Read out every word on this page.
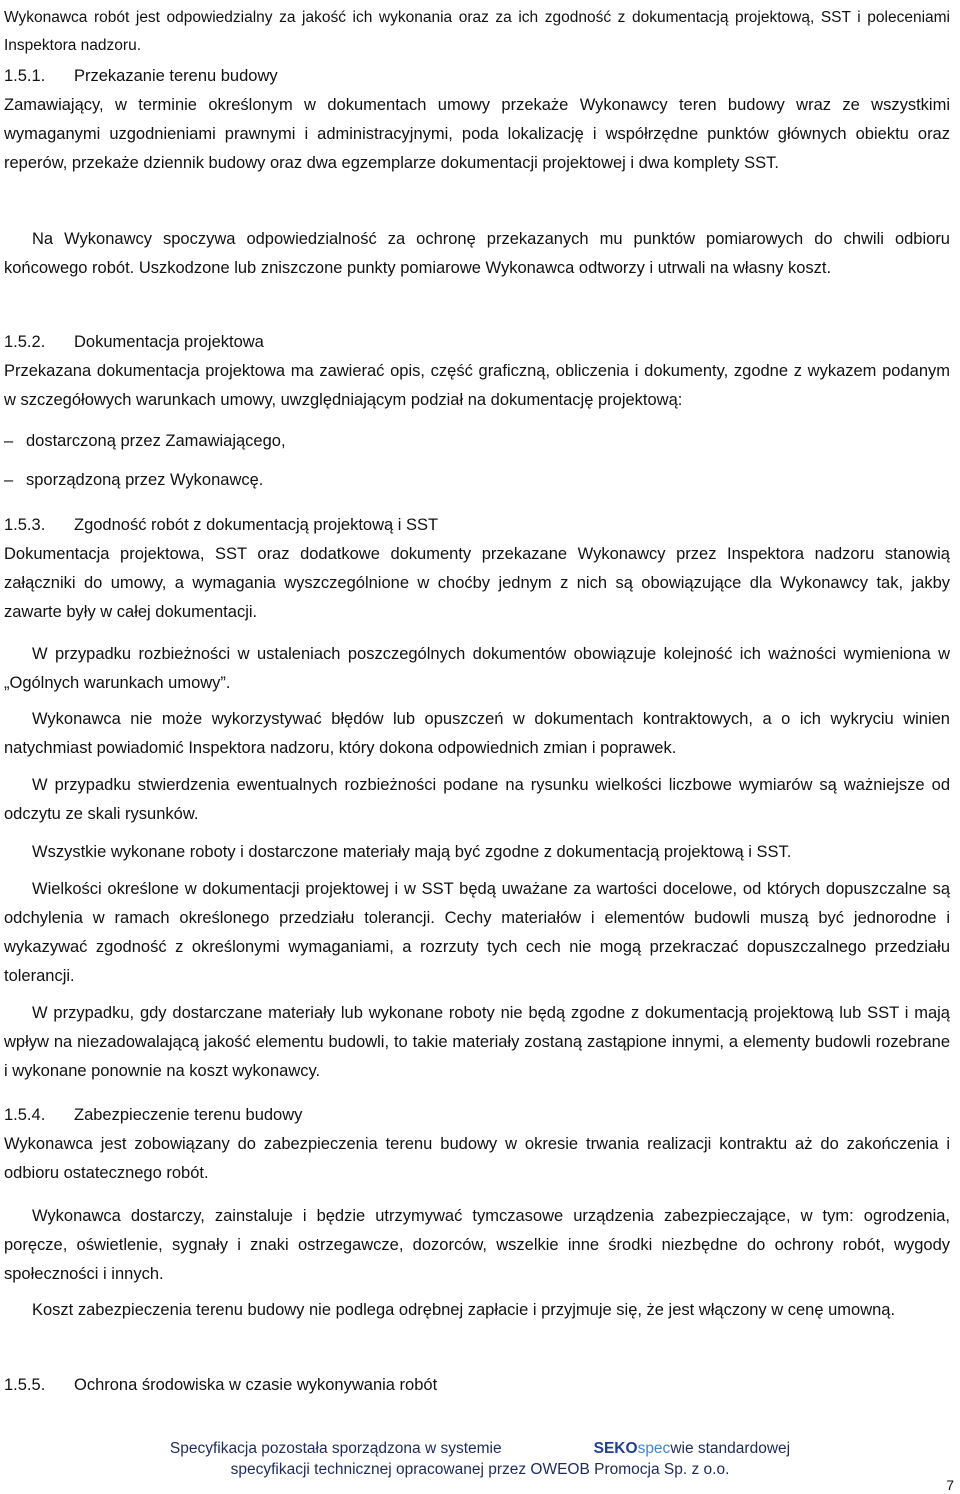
Wykonawca robót jest odpowiedzialny za jakość ich wykonania oraz za ich zgodność z dokumentacją projektową, SST i poleceniami Inspektora nadzoru.

1.5.1.	Przekazanie terenu budowy

Zamawiający, w terminie określonym w dokumentach umowy przekaże Wykonawcy teren budowy wraz ze wszystkimi wymaganymi uzgodnieniami prawnymi i administracyjnymi, poda lokalizację i współrzędne punktów głównych obiektu oraz reperów, przekaże dziennik budowy oraz dwa egzemplarze dokumentacji projektowej i dwa komplety SST.

Na Wykonawcy spoczywa odpowiedzialność za ochronę przekazanych mu punktów pomiarowych do chwili odbioru końcowego robót. Uszkodzone lub zniszczone punkty pomiarowe Wykonawca odtworzy i utrwali na własny koszt.

1.5.2.	Dokumentacja projektowa

Przekazana dokumentacja projektowa ma zawierać opis, część graficzną, obliczenia i dokumenty, zgodne z wykazem podanym w szczegółowych warunkach umowy, uwzględniającym podział na dokumentację projektową:

– dostarczoną przez Zamawiającego,
– sporządzoną przez Wykonawcę.
1.5.3.	Zgodność robót z dokumentacją projektową i SST

Dokumentacja projektowa, SST oraz dodatkowe dokumenty przekazane Wykonawcy przez Inspektora nadzoru stanowią załączniki do umowy, a wymagania wyszczególnione w choćby jednym z nich są obowiązujące dla Wykonawcy tak, jakby zawarte były w całej dokumentacji.

W przypadku rozbieżności w ustaleniach poszczególnych dokumentów obowiązuje kolejność ich ważności wymieniona w „Ogólnych warunkach umowy”.

Wykonawca nie może wykorzystywać błędów lub opuszczeń w dokumentach kontraktowych, a o ich wykryciu winien natychmiast powiadomić Inspektora nadzoru, który dokona odpowiednich zmian i poprawek.

W przypadku stwierdzenia ewentualnych rozbieżności podane na rysunku wielkości liczbowe wymiarów są ważniejsze od odczytu ze skali rysunków.

Wszystkie wykonane roboty i dostarczone materiały mają być zgodne z dokumentacją projektową i SST.

Wielkości określone w dokumentacji projektowej i w SST będą uważane za wartości docelowe, od których dopuszczalne są odchylenia w ramach określonego przedziału tolerancji. Cechy materiałów i elementów budowli muszą być jednorodne i wykazywać zgodność z określonymi wymaganiami, a rozrzuty tych cech nie mogą przekraczać dopuszczalnego przedziału tolerancji.

W przypadku, gdy dostarczane materiały lub wykonane roboty nie będą zgodne z dokumentacją projektową lub SST i mają wpływ na niezadowalającą jakość elementu budowli, to takie materiały zostaną zastąpione innymi, a elementy budowli rozebrane i wykonane ponownie na koszt wykonawcy.

1.5.4.	Zabezpieczenie terenu budowy

Wykonawca jest zobowiązany do zabezpieczenia terenu budowy w okresie trwania realizacji kontraktu aż do zakończenia i odbioru ostatecznego robót.

Wykonawca dostarczy, zainstaluje i będzie utrzymywać tymczasowe urządzenia zabezpieczające, w tym: ogrodzenia, poręcze, oświetlenie, sygnały i znaki ostrzegawcze, dozorców, wszelkie inne środki niezbędne do ochrony robót, wygody społeczności i innych.

Koszt zabezpieczenia terenu budowy nie podlega odrębnej zapłacie i przyjmuje się, że jest włączony w cenę umowną.

1.5.5.	Ochrona środowiska w czasie wykonywania robót
Specyfikacja pozostała sporządzona w systemie	SEKOspecwie standardowej
specyfikacji technicznej opracowanej przez OWEOB Promocja Sp. z o.o.
7
